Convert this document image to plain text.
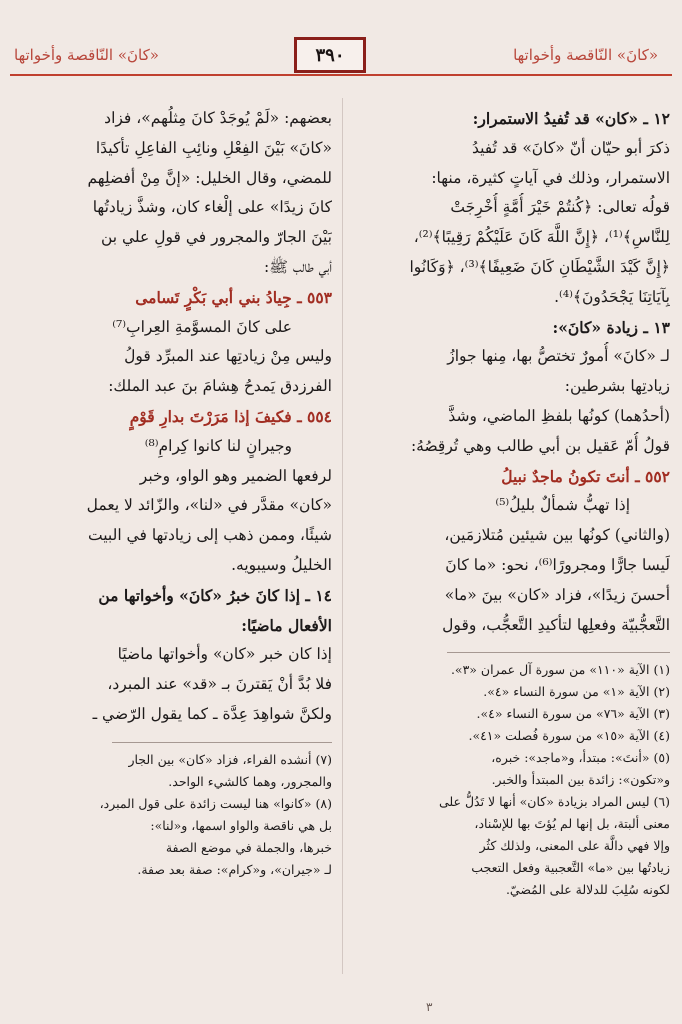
«كانَ» النّاقصة وأخواتها
٣٩٠
«كانَ» النّاقصة وأخواتها
١٢ ـ «كان» قد تُفيدُ الاستمرار:
ذكرَ أبو حيّان أنّ «كانَ» قد تُفيدُ
الاستمرار، وذلك في آياتٍ كثيرة، منها:
قولُه تعالى: ﴿كُنتُمْ خَيْرَ أُمَّةٍ أُخْرِجَتْ
لِلنَّاسِ﴾⁽¹⁾، ﴿إِنَّ اللَّهَ كَانَ عَلَيْكُمْ رَقِيبًا﴾⁽²⁾،
﴿إِنَّ كَيْدَ الشَّيْطَانِ كَانَ ضَعِيفًا﴾⁽³⁾، ﴿وَكَانُوا
بِآيَاتِنَا يَجْحَدُونَ﴾⁽⁴⁾.
١٣ ـ زيادة «كانَ»:
لـ «كانَ» أُمورٌ تختصُّ بها، مِنها جوازُ
زيادتِها بشرطين:
(أحدُهما) كونُها بلفظِ الماضي، وشذَّ
قولُ أُمّ عَقيل بن أبي طالب وهي تُرقِصُهُ:
٥٥٢ ـ أنتَ تكونُ ماجدٌ نبيلُ
إذا تهبُّ شمألٌ بليلُ⁽⁵⁾
(والثاني) كونُها بين شيئين مُتلازمَين،
لَيسا جارًّا ومجرورًا⁽⁶⁾، نحو: «ما كانَ
أحسنَ زيدًا»، فزاد «كان» بينَ «ما»
التَّعجُّبيّة وفعلِها لتأكيدِ التَّعجُّب، وقول
(١) الآية «١١٠» من سورة آل عمران «٣».
(٢) الآية «١» من سورة النساء «٤».
(٣) الآية «٧٦» من سورة النساء «٤».
(٤) الآية «١٥» من سورة فُصلت «٤١».
(٥) «أنتَ»: مبتدأ، و«ماجد»: خبره،
و«تكون»: زائدة بين المبتدأ والخبر.
(٦) ليس المراد بزيادة «كان» أنها لا تَدُلُّ على
معنى ألبتة، بل إنها لم يُؤتَ بها للإسْناد،
وإلا فهي دالَّة على المعنى، ولذلك كثُر
زيادتُها بين «ما» التَّعجبية وفعل التعجب
لكونه سُلِبَ للدلالة على المُضيّ.
بعضهم: «لَمْ يُوجَدْ كانَ مِثلُهم»، فزاد
«كانَ» بَيْنَ الفِعْلِ ونائِبِ الفاعِلِ تأكيدًا
للمضي، وقال الخليل: «إنَّ مِنْ أفضلِهم
كانَ زيدًا» على إلْغاء كان، وشذَّ زيادتُها
بَيْنَ الجارّ والمجرور في قولِ علي بن
أبي طالب ﷺ:
٥٥٣ ـ جِيادُ بني أبي بَكْرٍ تَسامى
على كانَ المسوَّمةِ العِرابِ⁽⁷⁾
وليس مِنْ زيادتِها عند المبرِّد قولُ
الفرزدق يَمدحُ هِشامَ بنَ عبد الملك:
٥٥٤ ـ فكيفَ إذا مَرَرْتَ بدارِ قَوْمٍ
وجيرانٍ لنا كانوا كِرامِ⁽⁸⁾
لرفعها الضمير وهو الواو، وخبر
«كان» مقدَّر في «لنا»، والزّائد لا يعمل
شيئًا، وممن ذهب إلى زيادتها في البيت
الخليلُ وسيبويه.
١٤ ـ إذا كانَ خبرُ «كانَ» وأخواتها من
الأفعال ماضيًا:
إذا كان خبر «كان» وأخواتها ماضيًا
فلا بُدَّ أنْ يَقترنَ بـ «قد» عند المبرد،
ولكنَّ شواهِدَ عِدَّة ـ كما يقول الرّضي ـ
(٧) أنشده الفراء، فزاد «كان» بين الجار
والمجرور، وهما كالشيء الواحد.
(٨) «كانوا» هنا ليست زائدة على قول المبرد،
بل هي ناقصة والواو اسمها، و«لنا»:
خبرها، والجملة في موضع الصفة
لـ «جيران»، و«كرام»: صفة بعد صفة.
٣
